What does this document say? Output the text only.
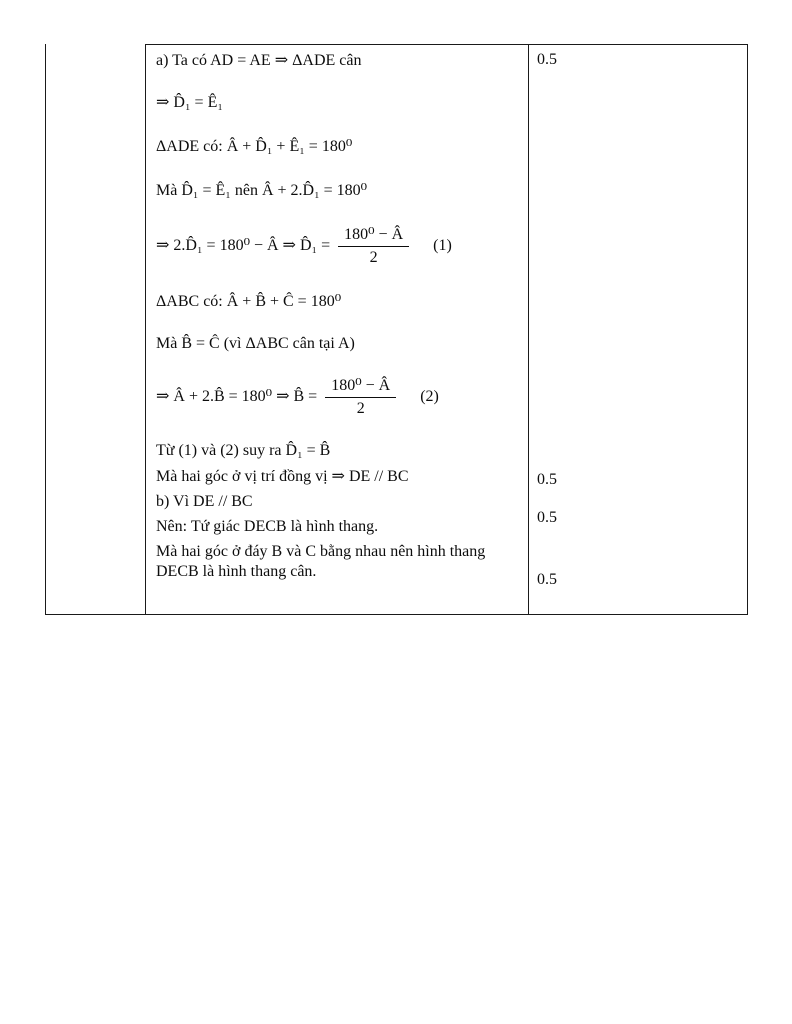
a) Ta có AD = AE ⇒ ΔADE cân

⇒ D̂₁ = Ê₁

ΔADE có: Â + D̂₁ + Ê₁ = 180⁰

Mà D̂₁ = Ê₁ nên Â + 2.D̂₁ = 180⁰

⇒ 2.D̂₁ = 180⁰ − Â ⇒ D̂₁ = $\frac{\text{180⁰ − Â}}{2} (1)$

ΔABC có: Â + B̂ + Ĉ = 180⁰

Mà B̂ = Ĉ (vì ΔABC cân tại A)

⇒ Â + 2.B̂ = 180⁰ ⇒ B̂ = $\frac{\text{180⁰ − Â}}{2} (2)$

Từ (1) và (2) suy ra D̂₁ = B̂

Mà hai góc ở vị trí đồng vị ⇒ DE // BC

b) Vì DE // BC

Nên: Tứ giác DECB là hình thang.

Mà hai góc ở đáy B và C bằng nhau nên hình thang DECB là hình thang cân.

0.5
0.5
0.5
0.5
